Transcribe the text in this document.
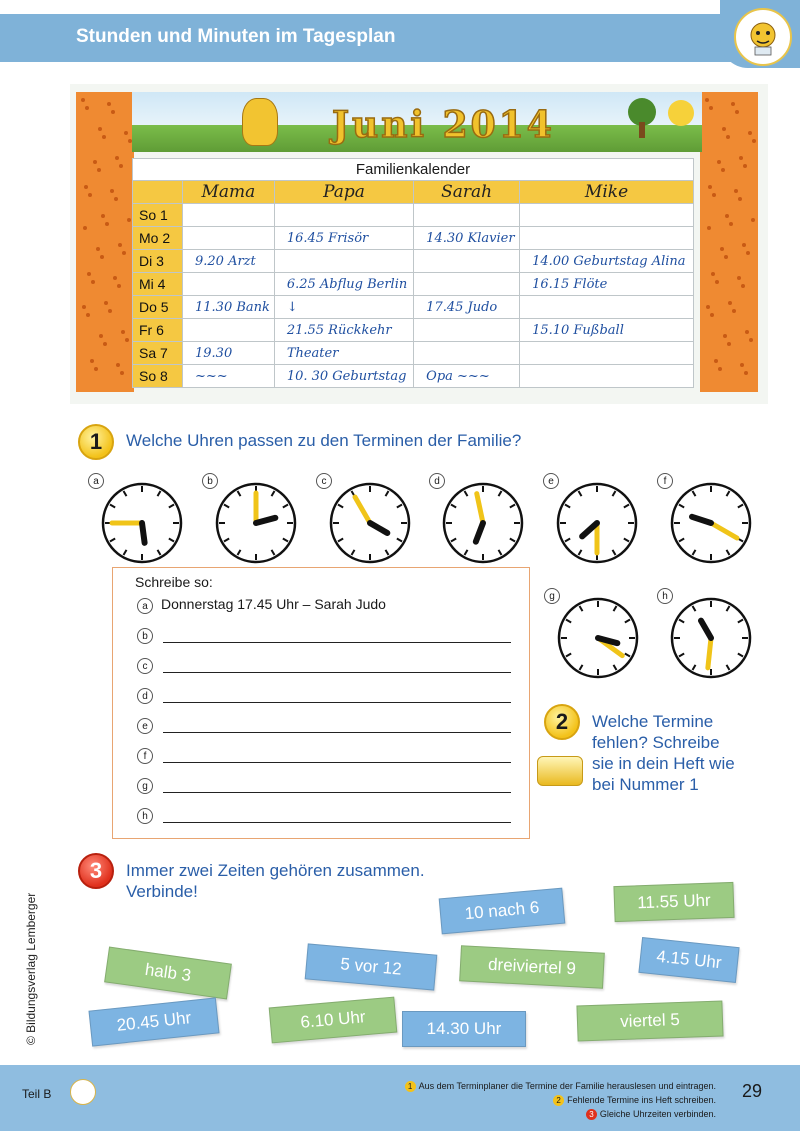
Stunden und Minuten im Tagesplan
Juni 2014
Familienkalender				
	Mama	Papa	Sarah	Mike
So 1				
Mo 2		16.45 Frisör	14.30 Klavier	
Di 3	9.20 Arzt			14.00 Geburtstag Alina
Mi 4		6.25 Abflug Berlin		16.15 Flöte
Do 5	11.30 Bank	↓	17.45 Judo	
Fr 6		21.55 Rückkehr		15.10 Fußball
Sa 7	19.30	Theater		
So 8	~~~	10. 30 Geburtstag	Opa ~~~	
1	Welche Uhren passen zu den Terminen der Familie?
a	b	c	d	e	f
g	h
Schreibe so:
Donnerstag 17.45 Uhr – Sarah Judo
a
b
c
d
e
f
g
h
2	Welche Termine
fehlen? Schreibe
sie in dein Heft wie
bei Nummer 1
3	Immer zwei Zeiten gehören zusammen.
Verbinde!
10 nach 6	11.55 Uhr
halb 3	5 vor 12	dreiviertel 9	4.15 Uhr
20.45 Uhr	6.10 Uhr	14.30 Uhr	viertel 5
© Bildungsverlag Lemberger
Teil B
1 Aus dem Terminplaner die Termine der Familie herauslesen und eintragen.
2 Fehlende Termine ins Heft schreiben.
3 Gleiche Uhrzeiten verbinden.
29
